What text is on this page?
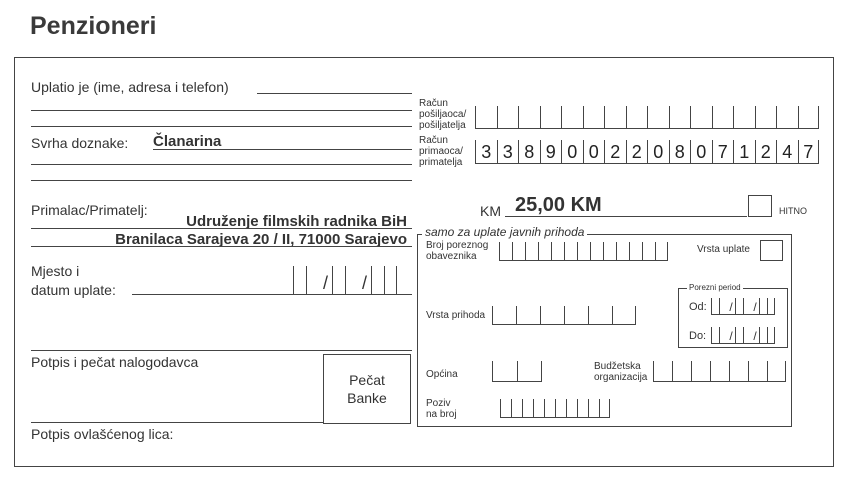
Penzioneri
Uplatio je (ime, adresa i telefon)
Svrha doznake: Članarina
Primalac/Primatelj:
Udruženje filmskih radnika BiH
Branilaca Sarajeva 20 / II, 71000 Sarajevo
Mjesto i
datum uplate:	/ /
Potpis i pečat nalogodavca
Pečat
Banke
Potpis ovlašćenog lica:
Račun
pošiljaoca/
pošiljatelja
Račun
primaoca/
primatelja
3 3 8 9 0 0 2 2 0 8 0 7 1 2 4 7
KM 25,00 KM	HITNO
samo za uplate javnih prihoda
Broj poreznog
obaveznika
Vrsta uplate
Vrsta prihoda
Porezni period
Od: / /
Do: / /
Općina
Budžetska
organizacija
Poziv
na broj
